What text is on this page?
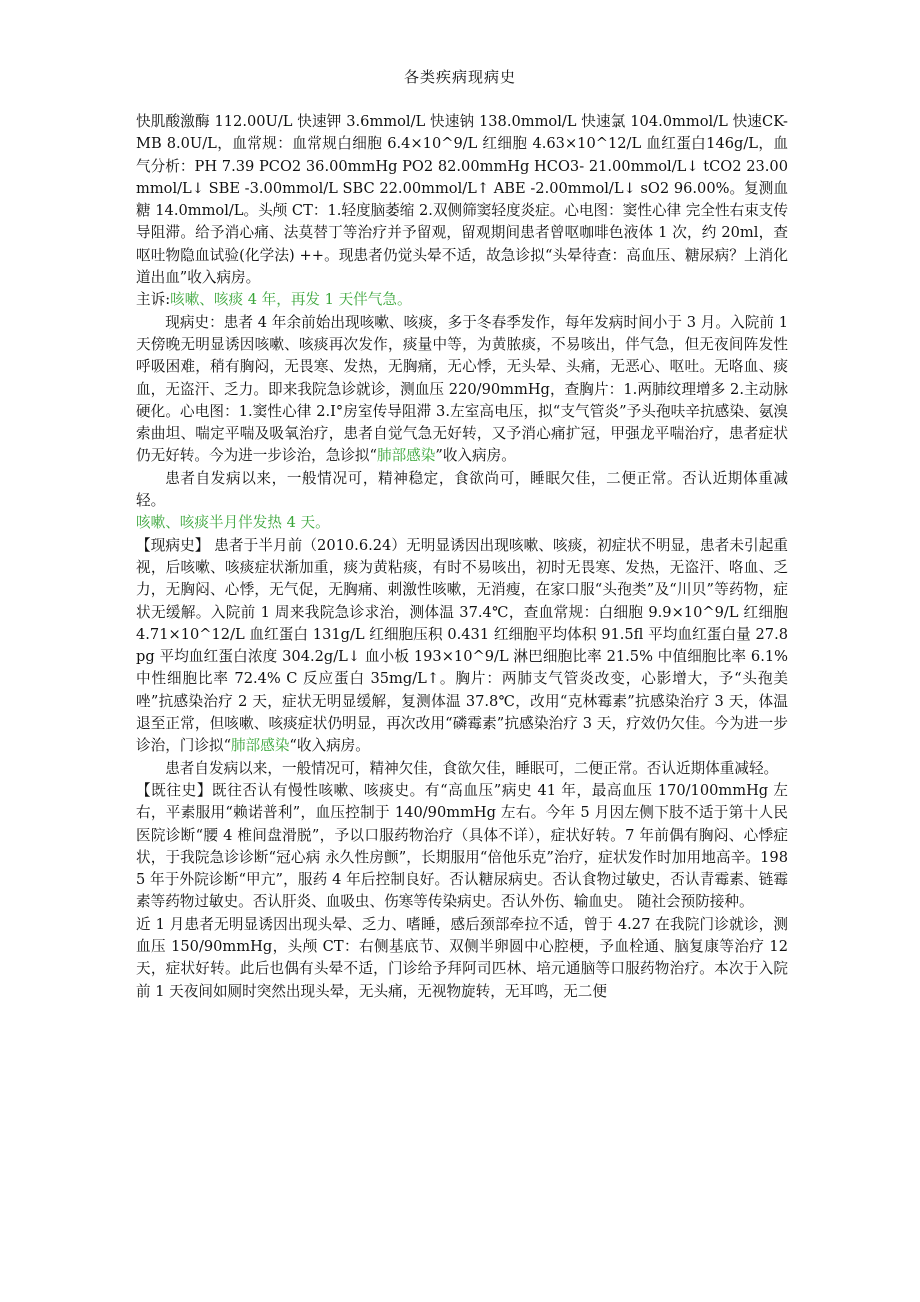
各类疾病现病史

快肌酸激酶 112.00U/L 快速钾 3.6mmol/L 快速钠 138.0mmol/L 快速氯 104.0mmol/L 快速CK-MB 8.0U/L，血常规：血常规白细胞 6.4×10^9/L 红细胞 4.63×10^12/L 血红蛋白146g/L，血气分析：PH 7.39 PCO2 36.00mmHg PO2 82.00mmHg HCO3- 21.00mmol/L↓ tCO2 23.00mmol/L↓ SBE -3.00mmol/L SBC 22.00mmol/L↑ ABE -2.00mmol/L↓ sO2 96.00%。复测血糖 14.0mmol/L。头颅 CT：1.轻度脑萎缩 2.双侧筛窦轻度炎症。心电图：窦性心律 完全性右束支传导阻滞。给予消心痛、法莫替丁等治疗并予留观，留观期间患者曾呕咖啡色液体 1 次，约 20ml，查呕吐物隐血试验(化学法) ++。现患者仍觉头晕不适，故急诊拟“头晕待查：高血压、糖尿病？上消化道出血”收入病房。

主诉:咳嗽、咳痰 4 年，再发 1 天伴气急。

现病史：患者 4 年余前始出现咳嗽、咳痰，多于冬春季发作，每年发病时间小于 3 月。入院前 1 天傍晚无明显诱因咳嗽、咳痰再次发作，痰量中等，为黄脓痰，不易咳出，伴气急，但无夜间阵发性呼吸困难，稍有胸闷，无畏寒、发热，无胸痛，无心悸，无头晕、头痛，无恶心、呕吐。无咯血、痰血，无盗汗、乏力。即来我院急诊就诊，测血压 220/90mmHg，查胸片：1.两肺纹理增多 2.主动脉硬化。心电图：1.窦性心律 2.I°房室传导阻滞 3.左室高电压，拟“支气管炎”予头孢呋辛抗感染、氨溴索曲坦、喘定平喘及吸氧治疗，患者自觉气急无好转，又予消心痛扩冠，甲强龙平喘治疗，患者症状仍无好转。今为进一步诊治，急诊拟“肺部感染”收入病房。

患者自发病以来，一般情况可，精神稳定，食欲尚可，睡眠欠佳，二便正常。否认近期体重减轻。

咳嗽、咳痰半月伴发热 4 天。

【现病史】 患者于半月前（2010.6.24）无明显诱因出现咳嗽、咳痰，初症状不明显，患者未引起重视，后咳嗽、咳痰症状渐加重，痰为黄粘痰，有时不易咳出，初时无畏寒、发热，无盗汗、咯血、乏力，无胸闷、心悸，无气促，无胸痛、刺激性咳嗽，无消瘦，在家口服“头孢类”及“川贝”等药物，症状无缓解。入院前 1 周来我院急诊求治，测体温 37.4℃，查血常规：白细胞 9.9×10^9/L 红细胞 4.71×10^12/L 血红蛋白 131g/L 红细胞压积 0.431 红细胞平均体积 91.5fl 平均血红蛋白量 27.8pg 平均血红蛋白浓度 304.2g/L↓ 血小板 193×10^9/L 淋巴细胞比率 21.5% 中值细胞比率 6.1% 中性细胞比率 72.4% C 反应蛋白 35mg/L↑。胸片：两肺支气管炎改变，心影增大，予“头孢美唑”抗感染治疗 2 天，症状无明显缓解，复测体温 37.8℃，改用“克林霉素”抗感染治疗 3 天，体温退至正常，但咳嗽、咳痰症状仍明显，再次改用“磷霉素”抗感染治疗 3 天，疗效仍欠佳。今为进一步诊治，门诊拟“肺部感染“收入病房。

患者自发病以来，一般情况可，精神欠佳，食欲欠佳，睡眠可，二便正常。否认近期体重减轻。

【既往史】既往否认有慢性咳嗽、咳痰史。有“高血压”病史 41 年，最高血压 170/100mmHg 左右，平素服用“赖诺普利”，血压控制于 140/90mmHg 左右。今年 5 月因左侧下肢不适于第十人民医院诊断“腰 4 椎间盘滑脱”，予以口服药物治疗（具体不详），症状好转。7 年前偶有胸闷、心悸症状，于我院急诊诊断“冠心病 永久性房颤”，长期服用“倍他乐克”治疗，症状发作时加用地高辛。1985 年于外院诊断“甲亢”，服药 4 年后控制良好。否认糖尿病史。否认食物过敏史，否认青霉素、链霉素等药物过敏史。否认肝炎、血吸虫、伤寒等传染病史。否认外伤、输血史。 随社会预防接种。

近 1 月患者无明显诱因出现头晕、乏力、嗜睡，感后颈部牵拉不适，曾于 4.27 在我院门诊就诊，测血压 150/90mmHg，头颅 CT：右侧基底节、双侧半卵圆中心腔梗，予血栓通、脑复康等治疗 12 天，症状好转。此后也偶有头晕不适，门诊给予拜阿司匹林、培元通脑等口服药物治疗。本次于入院前 1 天夜间如厕时突然出现头晕，无头痛，无视物旋转，无耳鸣，无二便
